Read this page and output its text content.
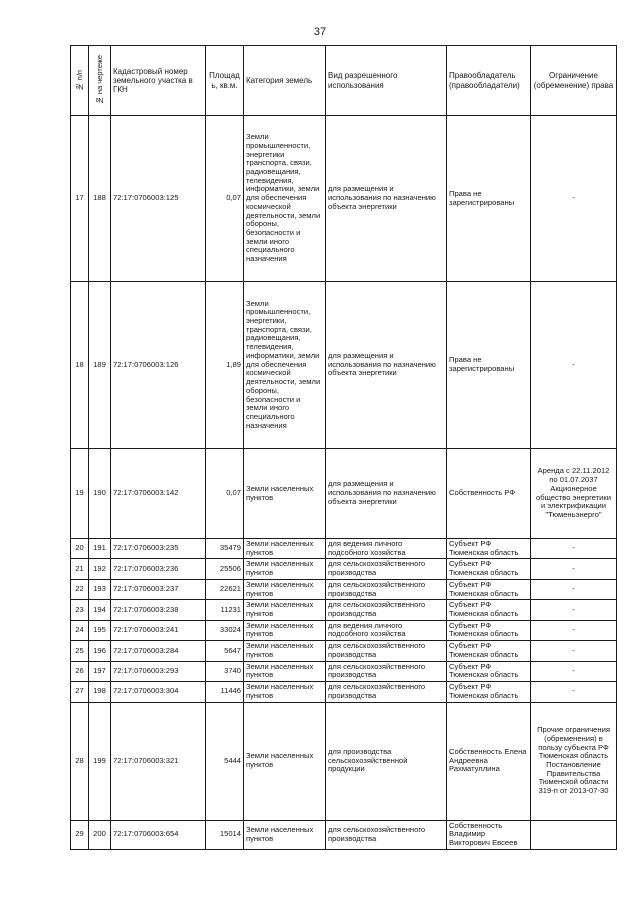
37
№ п/п	№ на чертеже	Кадастровый номер земельного участка в ГКН	Площадь, кв.м.	Категория земель	Вид разрешенного использования	Правообладатель (правообладатели)	Ограничение (обременение) права
17	188	72:17:0706003:125	0,07	Земли промышленности, энергетики транспорта, связи, радиовещания, телевидения, информатики, земли для обеспечения космической деятельности, земли обороны, безопасности и земли иного специального назначения	для размещения и использования по назначению объекта энергетики	Права не зарегистрированы	-
18	189	72:17:0706003:126	1,89	Земли промышленности, энергетики, транспорта, связи, радиовещания, телевидения, информатики, земли для обеспечения космической деятельности, земли обороны, безопасности и земли иного специального назначения	для размещения и использования по назначению объекта энергетики	Права не зарегистрированы	-
19	190	72:17:0706003:142	0,07	Земли населенных пунктов	для размещения и использования по назначению объекта энергетики	Собственность РФ	Аренда с 22.11.2012 по 01.07.2037 Акционерное общество энергетики и электрификации "Тюменьэнерго"
20	191	72:17:0706003:235	35479	Земли населенных пунктов	для ведения личного подсобного хозяйства	Субъект РФ Тюменская область	-
21	192	72:17:0706003:236	25506	Земли населенных пунктов	для сельскохозяйственного производства	Субъект РФ Тюменская область	-
22	193	72:17:0706003:237	22621	Земли населенных пунктов	для сельскохозяйственного производства	Субъект РФ Тюменская область	-
23	194	72:17:0706003:238	11231	Земли населенных пунктов	для сельскохозяйственного производства	Субъект РФ Тюменская область	-
24	195	72:17:0706003:241	33024	Земли населенных пунктов	для ведения личного подсобного хозяйства	Субъект РФ Тюменская область	-
25	196	72:17:0706003:284	5647	Земли населенных пунктов	для сельскохозяйственного производства	Субъект РФ Тюменская область	-
26	197	72:17:0706003:293	3740	Земли населенных пунктов	для сельскохозяйственного производства	Субъект РФ Тюменская область	-
27	198	72:17:0706003:304	11446	Земли населенных пунктов	для сельскохозяйственного производства	Субъект РФ Тюменская область	-
28	199	72:17:0706003:321	5444	Земли населенных пунктов	для производства сельскохозяйственной продукции	Собственность Елена Андреевна Рахматуллина	Прочие ограничения (обременения) в пользу субъекта РФ Тюменская область Постановление Правительства Тюменской области 319-п от 2013-07-30
29	200	72:17:0706003:654	15014	Земли населенных пунктов	для сельскохозяйственного производства	Собственность Владимир Викторович Евсеев	
